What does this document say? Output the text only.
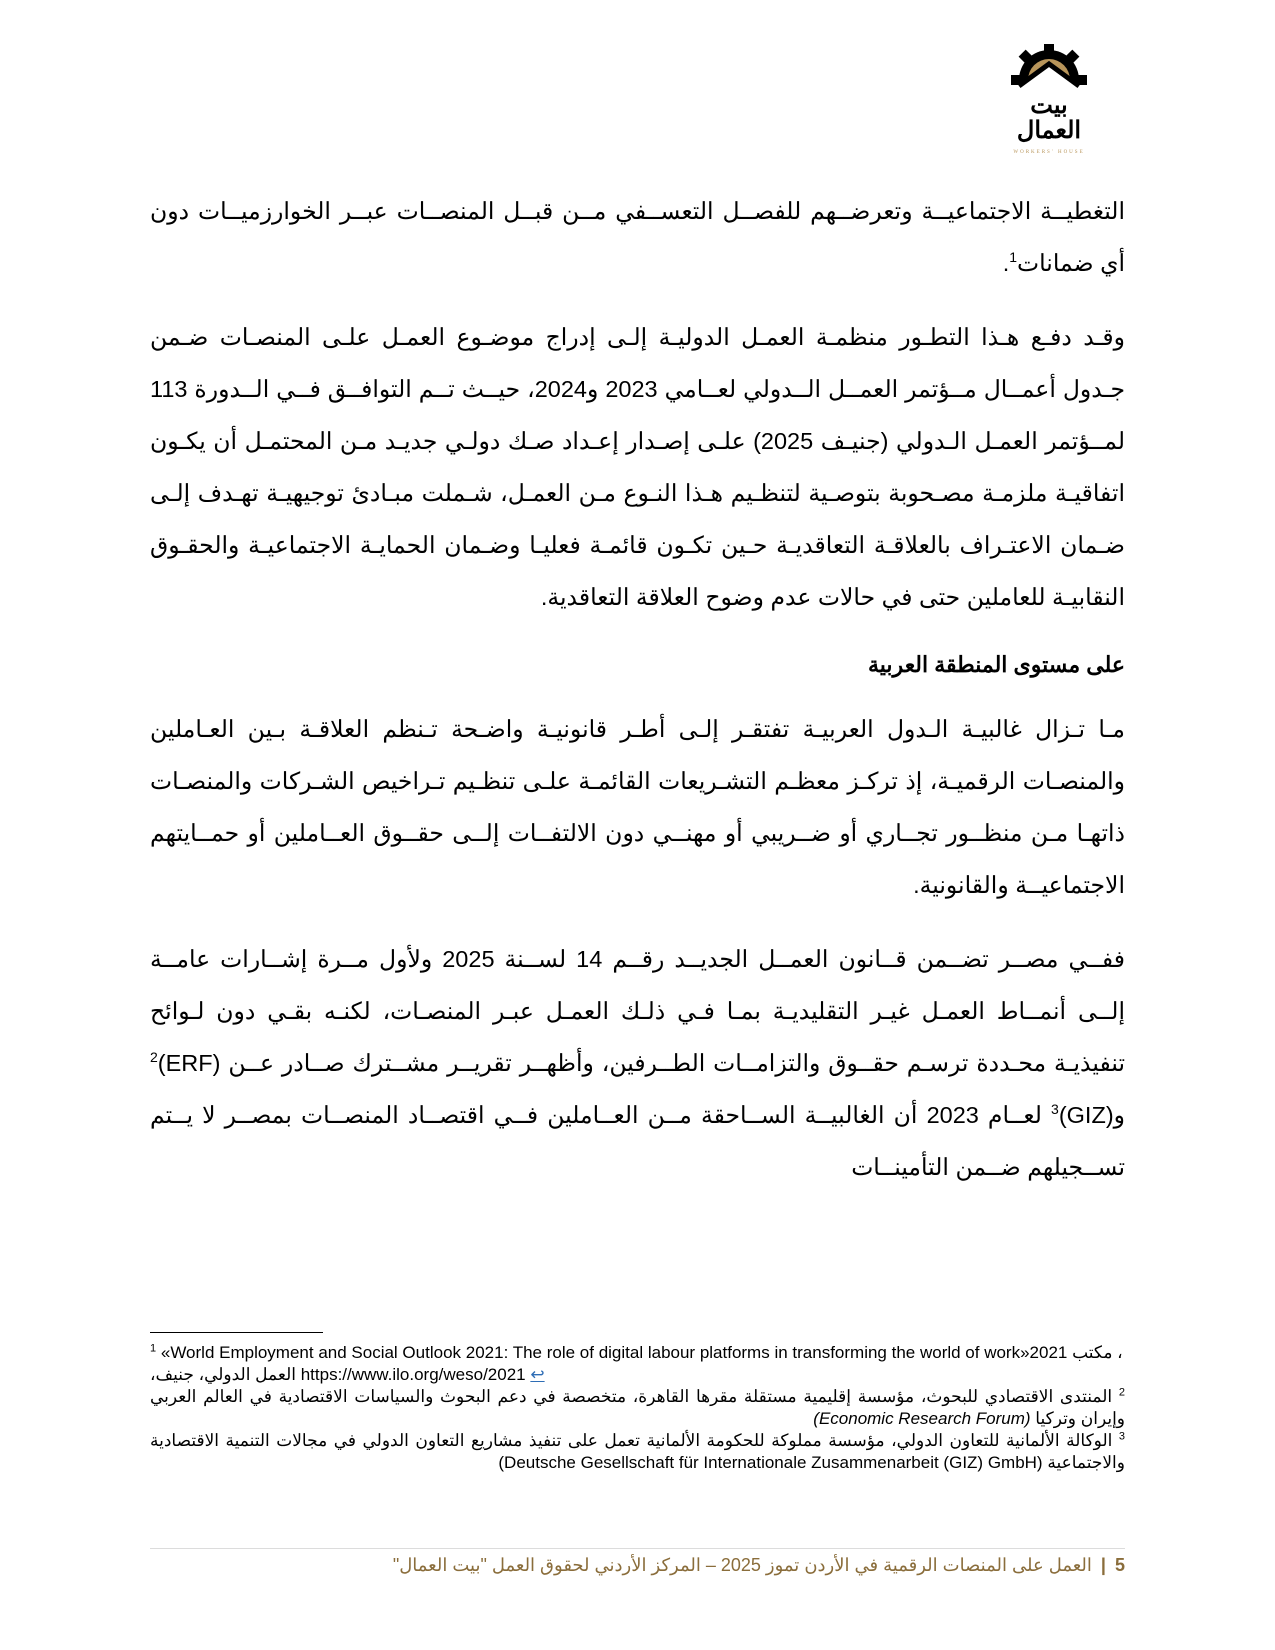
بيت
العمال
WORKERS' HOUSE

التغطيــة الاجتماعيــة وتعرضــهم للفصــل التعســفي مــن قبــل المنصــات عبــر الخوارزميــات دون أي ضمانات$^1$.

وقـد دفـع هـذا التطـور منظمـة العمـل الدوليـة إلـى إدراج موضـوع العمـل علـى المنصـات ضـمن جـدول أعمــال مــؤتمر العمــل الــدولي لعــامي 2023 و2024، حيــث تــم التوافــق فــي الــدورة 113 لمــؤتمر العمـل الـدولي (جنيـف 2025) علـى إصـدار إعـداد صـك دولـي جديـد مـن المحتمـل أن يكـون اتفاقيـة ملزمـة مصـحوبة بتوصـية لتنظـيم هـذا النـوع مـن العمـل، شـملت مبـادئ توجيهيـة تهـدف إلـى ضـمان الاعتـراف بالعلاقـة التعاقديـة حـين تكـون قائمـة فعليـا وضـمان الحمايـة الاجتماعيـة والحقـوق النقابيـة للعاملين حتى في حالات عدم وضوح العلاقة التعاقدية.

على مستوى المنطقة العربية

مـا تـزال غالبيـة الـدول العربيـة تفتقـر إلـى أطـر قانونيـة واضـحة تـنظم العلاقـة بـين العـاملين والمنصـات الرقميـة، إذ تركـز معظـم التشـريعات القائمـة علـى تنظـيم تـراخيص الشـركات والمنصـات ذاتهـا مـن منظــور تجــاري أو ضــريبي أو مهنــي دون الالتفــات إلــى حقــوق العــاملين أو حمــايتهم الاجتماعيــة والقانونية.

ففــي مصــر تضــمن قــانون العمــل الجديــد رقــم 14 لســنة 2025 ولأول مــرة إشــارات عامــة إلــى أنمــاط العمـل غيـر التقليديـة بمـا فـي ذلـك العمـل عبـر المنصـات، لكنـه بقـي دون لـوائح تنفيذيـة محـددة ترسـم حقــوق والتزامــات الطــرفين، وأظهــر تقريــر مشــترك صــادر عــن (ERF)$^2$ و(GIZ)$^3$ لعــام 2023 أن الغالبيــة الســاحقة مــن العــاملين فــي اقتصــاد المنصــات بمصــر لا يــتم تســجيلهم ضــمن التأمينــات

$^1$ «World Employment and Social Outlook 2021: The role of digital labour platforms in transforming the world of work»2021 ، مكتب العمل الدولي، جنيف، https://www.ilo.org/weso/2021 ↩

$^2$ المنتدى الاقتصادي للبحوث، مؤسسة إقليمية مستقلة مقرها القاهرة، متخصصة في دعم البحوث والسياسات الاقتصادية في العالم العربي وإيران وتركيا (Economic Research Forum)

$^3$ الوكالة الألمانية للتعاون الدولي، مؤسسة مملوكة للحكومة الألمانية تعمل على تنفيذ مشاريع التعاون الدولي في مجالات التنمية الاقتصادية والاجتماعية (Deutsche Gesellschaft für Internationale Zusammenarbeit (GIZ) GmbH)

5 | العمل على المنصات الرقمية في الأردن تموز 2025 – المركز الأردني لحقوق العمل "بيت العمال"
